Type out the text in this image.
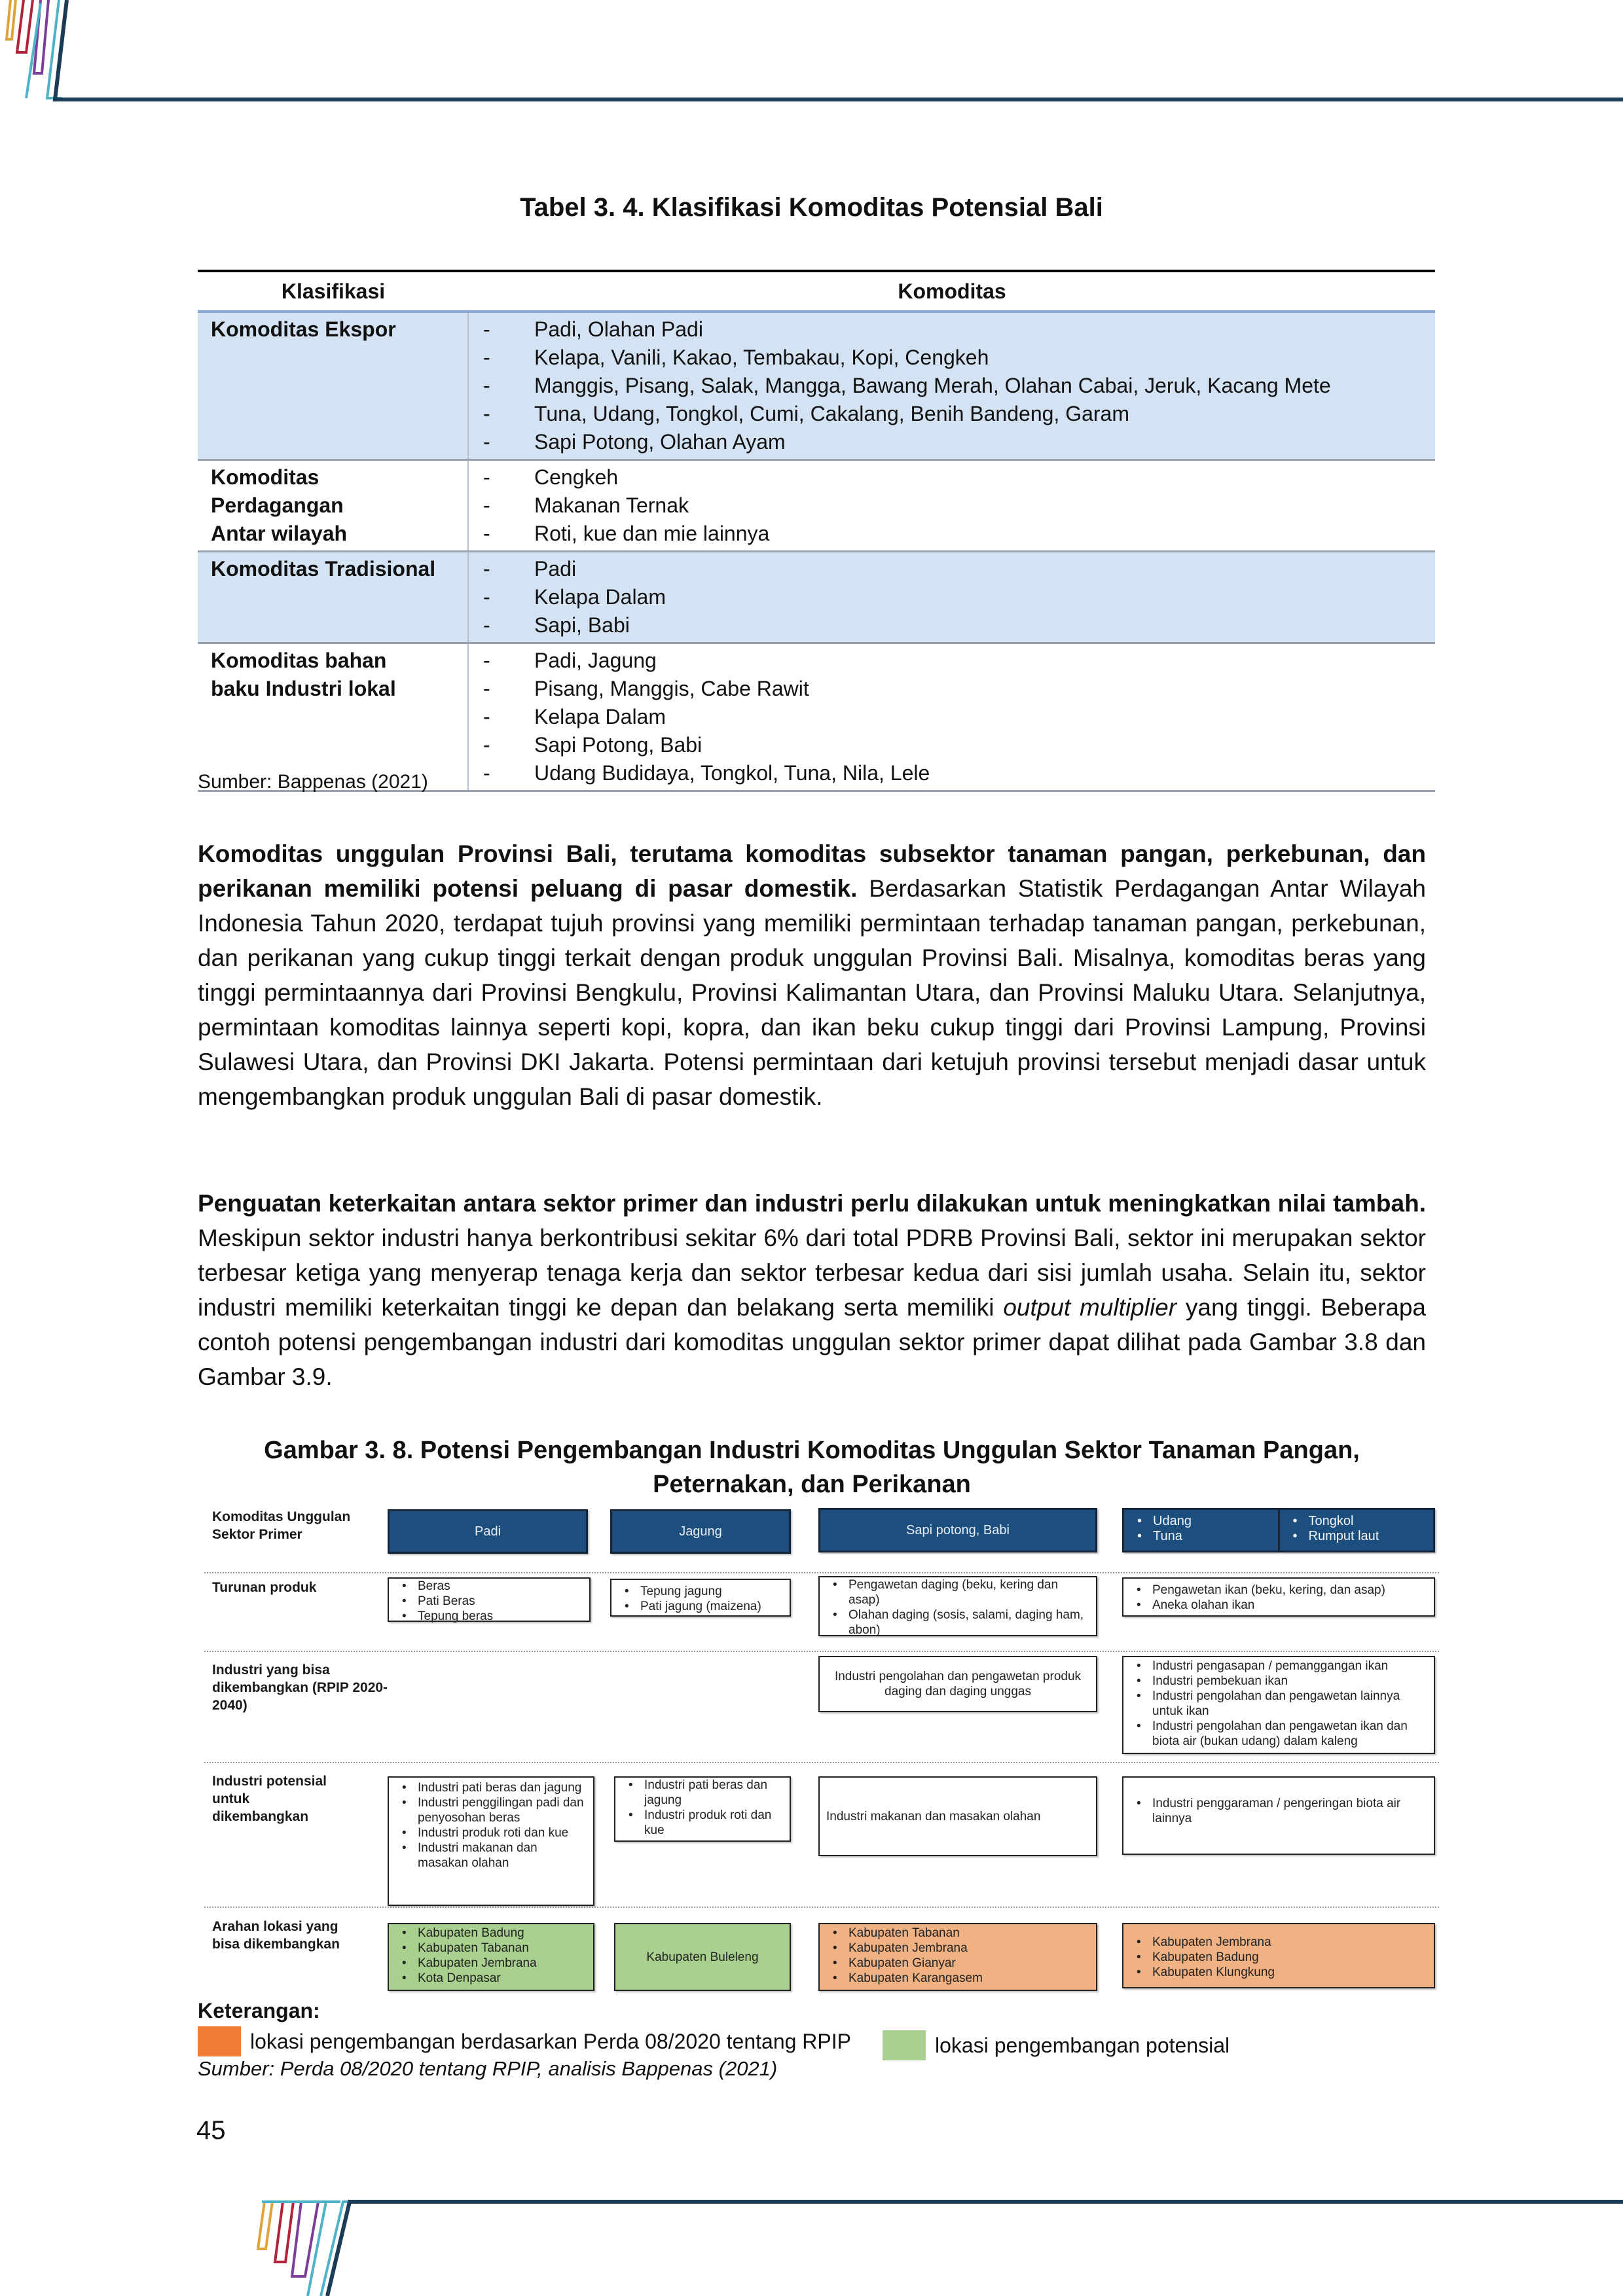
Tabel 3. 4. Klasifikasi Komoditas Potensial Bali
Klasifikasi	Komoditas
Komoditas Ekspor	-	Padi, Olahan Padi
-	Kelapa, Vanili, Kakao, Tembakau, Kopi, Cengkeh
-	Manggis, Pisang, Salak, Mangga, Bawang Merah, Olahan Cabai, Jeruk, Kacang Mete
-	Tuna, Udang, Tongkol, Cumi, Cakalang, Benih Bandeng, Garam
-	Sapi Potong, Olahan Ayam
Komoditas Perdagangan Antar wilayah
-	Cengkeh
-	Makanan Ternak
-	Roti, kue dan mie lainnya
Komoditas Tradisional	-	Padi
-	Kelapa Dalam
-	Sapi, Babi
Komoditas bahan baku Industri lokal
-	Padi, Jagung
-	Pisang, Manggis, Cabe Rawit
-	Kelapa Dalam
-	Sapi Potong, Babi
-	Udang Budidaya, Tongkol, Tuna, Nila, Lele
Sumber: Bappenas (2021)
Komoditas unggulan Provinsi Bali, terutama komoditas subsektor tanaman pangan, perkebunan, dan perikanan memiliki potensi peluang di pasar domestik. Berdasarkan Statistik Perdagangan Antar Wilayah Indonesia Tahun 2020, terdapat tujuh provinsi yang memiliki permintaan terhadap tanaman pangan, perkebunan, dan perikanan yang cukup tinggi terkait dengan produk unggulan Provinsi Bali. Misalnya, komoditas beras yang tinggi permintaannya dari Provinsi Bengkulu, Provinsi Kalimantan Utara, dan Provinsi Maluku Utara. Selanjutnya, permintaan komoditas lainnya seperti kopi, kopra, dan ikan beku cukup tinggi dari Provinsi Lampung, Provinsi Sulawesi Utara, dan Provinsi DKI Jakarta. Potensi permintaan dari ketujuh provinsi tersebut menjadi dasar untuk mengembangkan produk unggulan Bali di pasar domestik.
Penguatan keterkaitan antara sektor primer dan industri perlu dilakukan untuk meningkatkan nilai tambah.  Meskipun sektor industri hanya berkontribusi sekitar 6% dari total PDRB Provinsi Bali, sektor ini merupakan sektor terbesar ketiga yang menyerap tenaga kerja dan sektor terbesar kedua dari sisi jumlah usaha. Selain itu, sektor industri memiliki keterkaitan tinggi ke depan dan belakang serta memiliki output multiplier yang tinggi. Beberapa contoh potensi pengembangan industri dari komoditas unggulan sektor primer dapat dilihat pada Gambar 3.8 dan Gambar 3.9.
Gambar 3. 8. Potensi Pengembangan Industri Komoditas Unggulan Sektor Tanaman Pangan,
Peternakan, dan Perikanan
Komoditas Unggulan Sektor Primer
Turunan produk
Industri yang bisa dikembangkan (RPIP 2020-2040)
Industri potensial untuk dikembangkan
Arahan lokasi yang bisa dikembangkan
Padi	Jagung	Sapi potong, Babi
• Udang
• Tuna
• Tongkol
• Rumput laut
• Beras
• Pati Beras
• Tepung beras
• Tepung jagung
• Pati jagung (maizena)
• Pengawetan daging (beku, kering dan asap)
• Olahan daging (sosis, salami, daging ham, abon)
• Pengawetan ikan (beku, kering, dan asap)
• Aneka olahan ikan
Industri pengolahan dan pengawetan produk daging dan daging unggas
• Industri pengasapan / pemanggangan ikan
• Industri pembekuan ikan
• Industri pengolahan dan pengawetan lainnya untuk ikan
• Industri pengolahan dan pengawetan ikan dan biota air (bukan udang) dalam kaleng
• Industri pati beras dan jagung
• Industri penggilingan padi dan penyosohan beras
• Industri produk roti dan kue
• Industri makanan dan masakan olahan
• Industri pati beras dan jagung
• Industri produk roti dan kue
Industri makanan dan masakan olahan
• Industri penggaraman / pengeringan biota air lainnya
• Kabupaten Badung
• Kabupaten Tabanan
• Kabupaten Jembrana
• Kota Denpasar
Kabupaten Buleleng
• Kabupaten Tabanan
• Kabupaten Jembrana
• Kabupaten Gianyar
• Kabupaten Karangasem
• Kabupaten Jembrana
• Kabupaten Badung
• Kabupaten Klungkung
Keterangan:
lokasi pengembangan berdasarkan Perda 08/2020 tentang RPIP	lokasi pengembangan potensial
Sumber: Perda 08/2020 tentang RPIP, analisis Bappenas (2021)
45
